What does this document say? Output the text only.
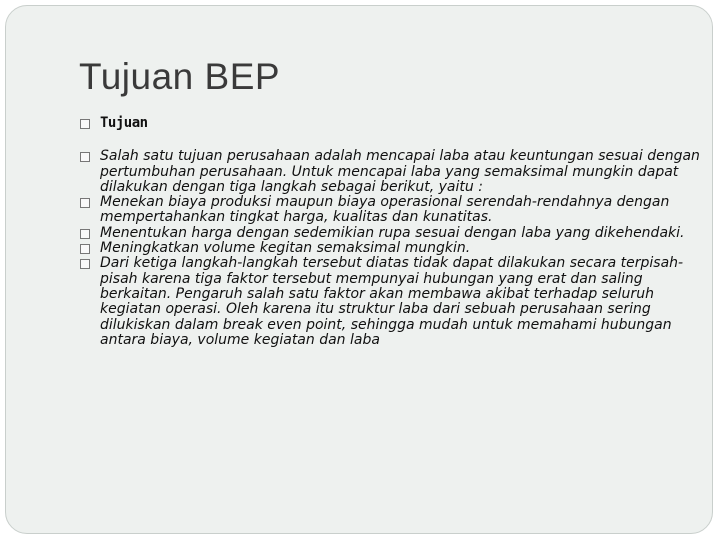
Tujuan BEP
Tujuan
Salah satu tujuan perusahaan adalah mencapai laba atau keuntungan sesuai dengan pertumbuhan perusahaan. Untuk mencapai laba yang semaksimal mungkin dapat dilakukan dengan tiga langkah sebagai berikut, yaitu :
Menekan biaya produksi maupun biaya operasional serendah-rendahnya dengan mempertahankan tingkat harga, kualitas dan kunatitas.
Menentukan harga dengan sedemikian rupa sesuai dengan laba yang dikehendaki.
Meningkatkan volume kegitan semaksimal mungkin.
Dari ketiga langkah-langkah tersebut diatas tidak dapat dilakukan secara terpisah-pisah karena tiga faktor tersebut mempunyai hubungan yang erat dan saling berkaitan. Pengaruh salah satu faktor akan membawa akibat terhadap seluruh kegiatan operasi. Oleh karena itu struktur laba dari sebuah perusahaan sering dilukiskan dalam break even point, sehingga mudah untuk memahami hubungan antara biaya, volume kegiatan dan laba
